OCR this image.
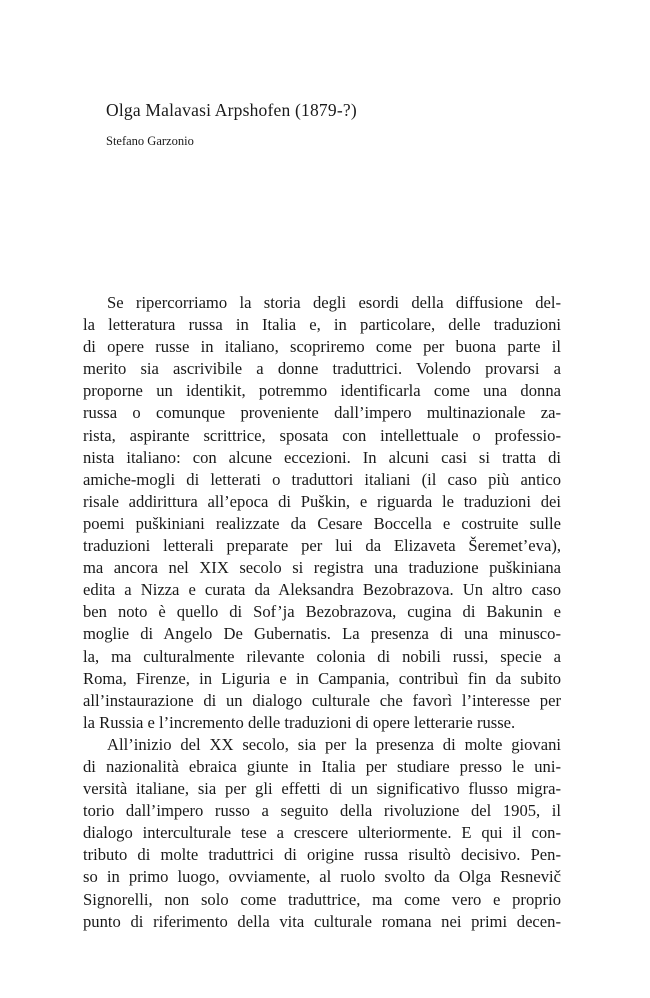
Olga Malavasi Arpshofen (1879-?)
Stefano Garzonio
Se ripercorriamo la storia degli esordi della diffusione del-
la letteratura russa in Italia e, in particolare, delle traduzioni
di opere russe in italiano, scopriremo come per buona parte il
merito sia ascrivibile a donne traduttrici. Volendo provarsi a
proporne un identikit, potremmo identificarla come una donna
russa o comunque proveniente dall’impero multinazionale za-
rista, aspirante scrittrice, sposata con intellettuale o professio-
nista italiano: con alcune eccezioni. In alcuni casi si tratta di
amiche-mogli di letterati o traduttori italiani (il caso più antico
risale addirittura all’epoca di Puškin, e riguarda le traduzioni dei
poemi puškiniani realizzate da Cesare Boccella e costruite sulle
traduzioni letterali preparate per lui da Elizaveta Šeremet’eva),
ma ancora nel XIX secolo si registra una traduzione puškiniana
edita a Nizza e curata da Aleksandra Bezobrazova. Un altro caso
ben noto è quello di Sof’ja Bezobrazova, cugina di Bakunin e
moglie di Angelo De Gubernatis. La presenza di una minusco-
la, ma culturalmente rilevante colonia di nobili russi, specie a
Roma, Firenze, in Liguria e in Campania, contribuì fin da subito
all’instaurazione di un dialogo culturale che favorì l’interesse per
la Russia e l’incremento delle traduzioni di opere letterarie russe.
All’inizio del XX secolo, sia per la presenza di molte giovani
di nazionalità ebraica giunte in Italia per studiare presso le uni-
versità italiane, sia per gli effetti di un significativo flusso migra-
torio dall’impero russo a seguito della rivoluzione del 1905, il
dialogo interculturale tese a crescere ulteriormente. E qui il con-
tributo di molte traduttrici di origine russa risultò decisivo. Pen-
so in primo luogo, ovviamente, al ruolo svolto da Olga Resnevič
Signorelli, non solo come traduttrice, ma come vero e proprio
punto di riferimento della vita culturale romana nei primi decen-
